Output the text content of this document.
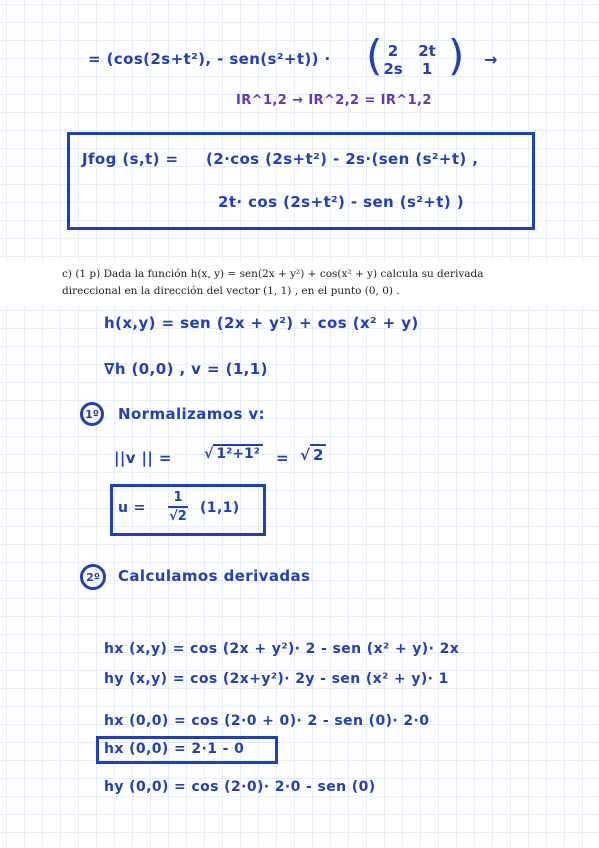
= (cos(2s+t²), - sen(s²+t)) · ( 2 2t
2s 1 ) →
IR^1,2 → IR^2,2 = IR^1,2
Jfog (s,t) = (2·cos (2s+t²) - 2s·(sen (s²+t) ,
2t· cos (2s+t²) - sen (s²+t) )
c) (1 p) Dada la función h(x, y) = sen(2x + y²) + cos(x² + y) calcula su derivada
direccional en la dirección del vector (1, 1) , en el punto (0, 0) .
h(x,y) = sen (2x + y²) + cos (x² + y)
∇h (0,0) , v = (1,1)
1º Normalizamos v:
||v || = √ 1²+1² = √ 2
u =
1
√2
(1,1)
2º Calculamos derivadas
hx (x,y) = cos (2x + y²)· 2 - sen (x² + y)· 2x
hy (x,y) = cos (2x+y²)· 2y - sen (x² + y)· 1
hx (0,0) = cos (2·0 + 0)· 2 - sen (0)· 2·0
hx (0,0) = 2·1 - 0
hy (0,0) = cos (2·0)· 2·0 - sen (0)
